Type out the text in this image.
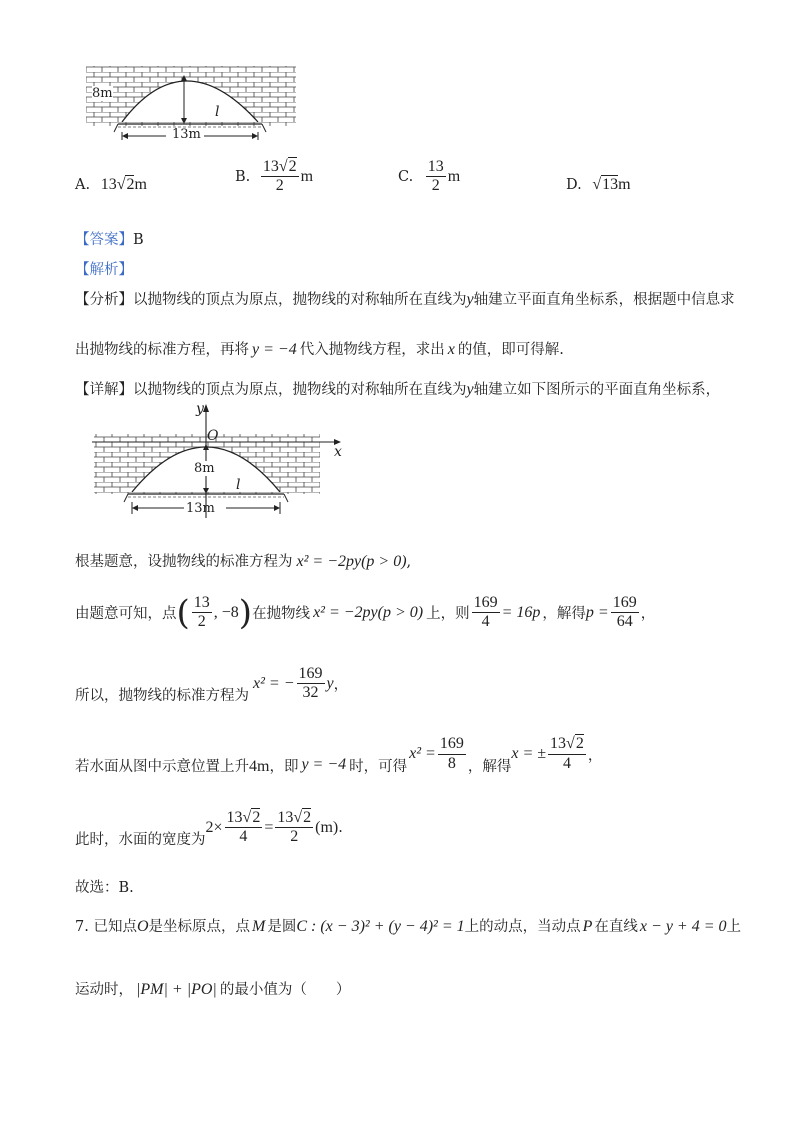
8m
l
13m
A. 13√2m	B. $\frac{13√2}{2}$ m	C. $\frac{13}{2}$ m
D. √13m
【答案】B
【解析】
【分析】以抛物线的顶点为原点，抛物线的对称轴所在直线为y轴建立平面直角坐标系，根据题中信息求
出抛物线的标准方程，再将 y = −4 代入抛物线方程，求出 x 的值，即可得解.
【详解】以抛物线的顶点为原点，抛物线的对称轴所在直线为y轴建立如下图所示的平面直角坐标系，
y
x
O
8m
l
13m
根基题意，设抛物线的标准方程为 x² = −2py(p > 0),
由题意可知，点 ( $\frac{13}{2}$ , −8 ) 在抛物线 x² = −2py(p > 0) 上，则 $\frac{169}{4} = 16p$ ，解得 $p = \frac{169}{64}$ ，
所以，抛物线的标准方程为
x² = − $\frac{169}{32}$ y ，
若水面从图中示意位置上升 4m ，即 y = −4 时，可得
$x^2 = \frac{169}{8}$ ，解得
x = ± $\frac{13√2}{4}$ ，
此时，水面的宽度为
$2\times \frac{13√2}{4} = \frac{13√2}{2} (m)$ .
故选：B.
7. 已知点O是坐标原点，点 M 是圆C : (x − 3)² + (y − 4)² = 1上的动点，当动点 P 在直线 x − y + 4 = 0上
运动时， |PM| + |PO| 的最小值为（　　）
